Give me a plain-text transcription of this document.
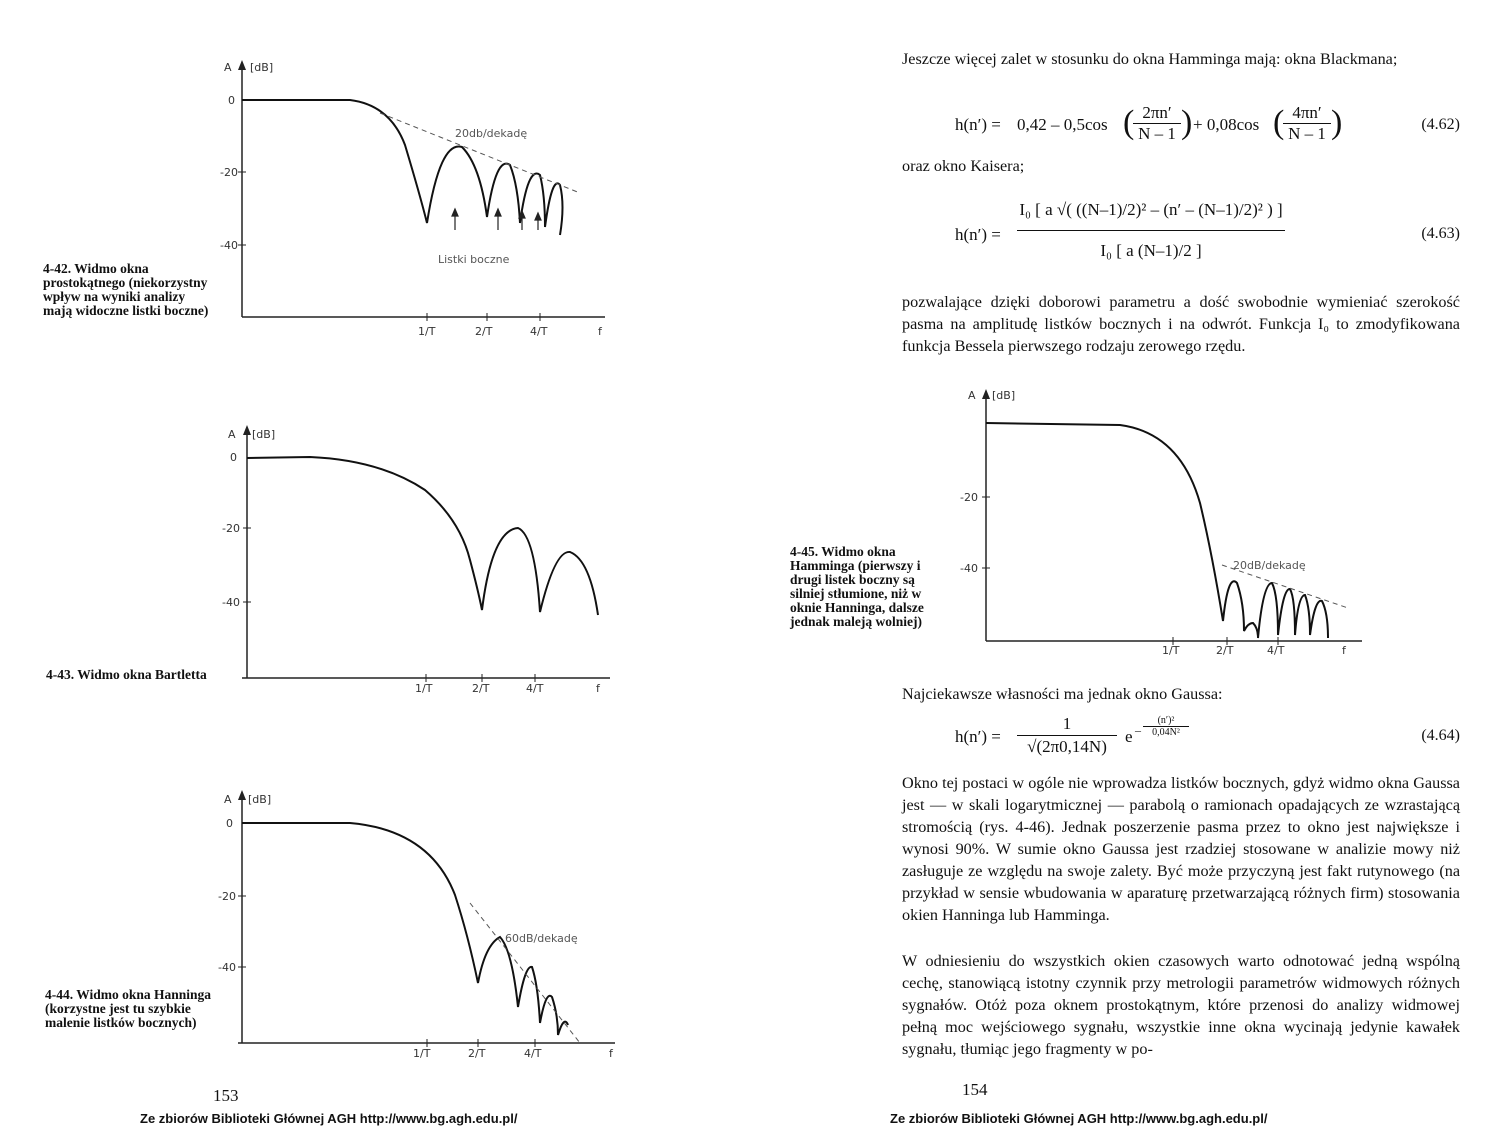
A [dB]
0
-20
-40
1/T	2/T	4/T	f
20db/dekadę
Listki boczne
4-42. Widmo okna prostokątnego (niekorzystny wpływ na wyniki analizy mają widoczne listki boczne)
A [dB]
0
-20
-40
1/T	2/T	4/T	f
4-43. Widmo okna Bartletta
A [dB]
0
-20
-40
1/T	2/T	4/T	f
60dB/dekadę
4-44. Widmo okna Hanninga (korzystne jest tu szybkie malenie listków bocznych)
153
Ze zbiorów Biblioteki Głównej AGH http://www.bg.agh.edu.pl/
Jeszcze więcej zalet w stosunku do okna Hamminga mają: okna Blackmana;
h(n′) = 0,42 – 0,5cos ( 2πn′
N – 1 ) + 0,08cos ( 4πn′
N – 1 )	(4.62)
oraz okno Kaisera;
$h(n') = \frac{\text{I₀ [ a √( ((N–1)/2)² – (n′ – (N–1)/2)² ) ]}}{\text{I₀ [ a (N–1)/2 ]}}$	(4.63)
pozwalające dzięki doborowi parametru a dość swobodnie wymieniać szerokość pasma na amplitudę listków bocznych i na odwrót. Funkcja I₀ to zmodyfikowana funkcja Bessela pierwszego rodzaju zerowego rzędu.
A [dB]
-20
-40
1/T	2/T	4/T	f
20dB/dekadę
4-45. Widmo okna Hamminga (pierwszy i drugi listek boczny są silniej stłumione, niż w oknie Hanninga, dalsze jednak maleją wolniej)
Najciekawsze własności ma jednak okno Gaussa:
$h(n') = \frac{1}{√(2\pi 0,14N)}$ e – $\frac{\text{(n′)²}}{\text{0,04N²}}$	(4.64)
Okno tej postaci w ogóle nie wprowadza listków bocznych, gdyż widmo okna Gaussa jest — w skali logarytmicznej — parabolą o ramionach opadających ze wzrastającą stromością (rys. 4-46). Jednak poszerzenie pasma przez to okno jest największe i wynosi 90%. W sumie okno Gaussa jest rzadziej stosowane w analizie mowy niż zasługuje ze względu na swoje zalety. Być może przyczyną jest fakt rutynowego (na przykład w sensie wbudowania w aparaturę przetwarzającą różnych firm) stosowania okien Hanninga lub Hamminga.
W odniesieniu do wszystkich okien czasowych warto odnotować jedną wspólną cechę, stanowiącą istotny czynnik przy metrologii parametrów widmowych różnych sygnałów. Otóż poza oknem prostokątnym, które przenosi do analizy widmowej pełną moc wejściowego sygnału, wszystkie inne okna wycinają jedynie kawałek sygnału, tłumiąc jego fragmenty w po-
154
Ze zbiorów Biblioteki Głównej AGH http://www.bg.agh.edu.pl/
